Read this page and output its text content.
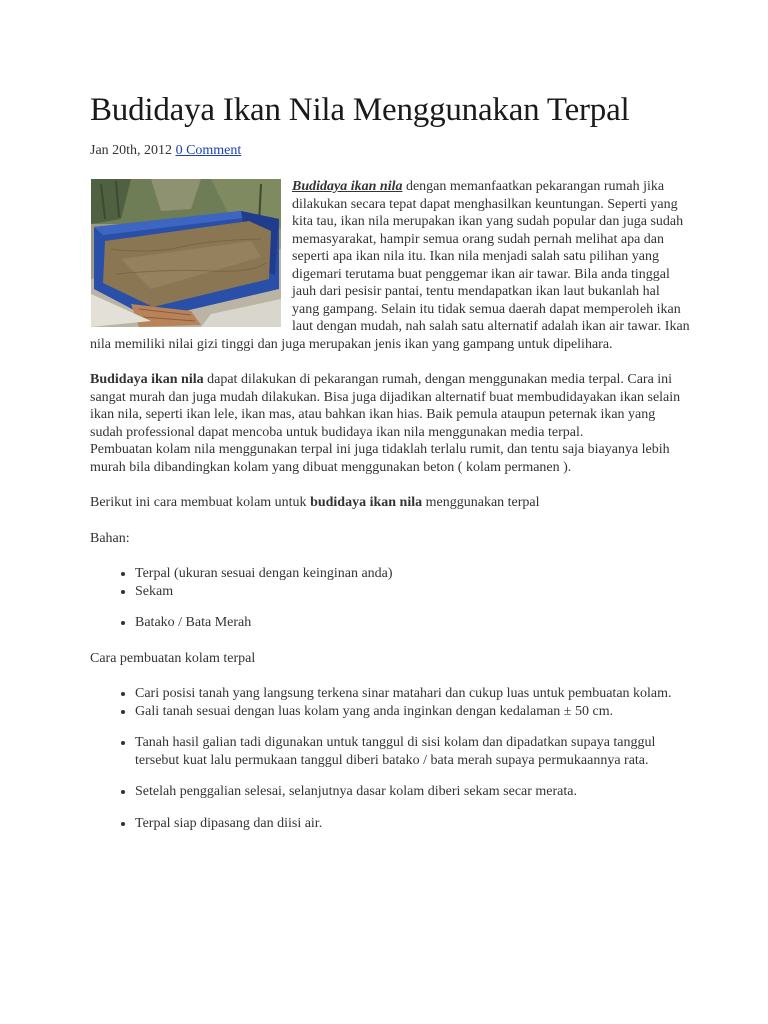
Budidaya Ikan Nila Menggunakan Terpal
Jan 20th, 2012 0 Comment

Budidaya ikan nila dengan memanfaatkan pekarangan rumah jika dilakukan secara tepat dapat menghasilkan keuntungan. Seperti yang kita tau, ikan nila merupakan ikan yang sudah popular dan juga sudah memasyarakat, hampir semua orang sudah pernah melihat apa dan seperti apa ikan nila itu. Ikan nila menjadi salah satu pilihan yang digemari terutama buat penggemar ikan air tawar. Bila anda tinggal jauh dari pesisir pantai, tentu mendapatkan ikan laut bukanlah hal yang gampang. Selain itu tidak semua daerah dapat memperoleh ikan laut dengan mudah, nah salah satu alternatif adalah ikan air tawar. Ikan nila memiliki nilai gizi tinggi dan juga merupakan jenis ikan yang gampang untuk dipelihara.

Budidaya ikan nila dapat dilakukan di pekarangan rumah, dengan menggunakan media terpal. Cara ini sangat murah dan juga mudah dilakukan. Bisa juga dijadikan alternatif buat membudidayakan ikan selain ikan nila, seperti ikan lele, ikan mas, atau bahkan ikan hias. Baik pemula ataupun peternak ikan yang sudah professional dapat mencoba untuk budidaya ikan nila menggunakan media terpal.

Pembuatan kolam nila menggunakan terpal ini juga tidaklah terlalu rumit, dan tentu saja biayanya lebih murah bila dibandingkan kolam yang dibuat menggunakan beton ( kolam permanen ).

Berikut ini cara membuat kolam untuk budidaya ikan nila menggunakan terpal

Bahan:

• Terpal (ukuran sesuai dengan keinginan anda)
• Sekam
• Batako / Bata Merah

Cara pembuatan kolam terpal

• Cari posisi tanah yang langsung terkena sinar matahari dan cukup luas untuk pembuatan kolam.
• Gali tanah sesuai dengan luas kolam yang anda inginkan dengan kedalaman ± 50 cm.
• Tanah hasil galian tadi digunakan untuk tanggul di sisi kolam dan dipadatkan supaya tanggul tersebut kuat lalu permukaan tanggul diberi batako / bata merah supaya permukaannya rata.
• Setelah penggalian selesai, selanjutnya dasar kolam diberi sekam secar merata.
• Terpal siap dipasang dan diisi air.
